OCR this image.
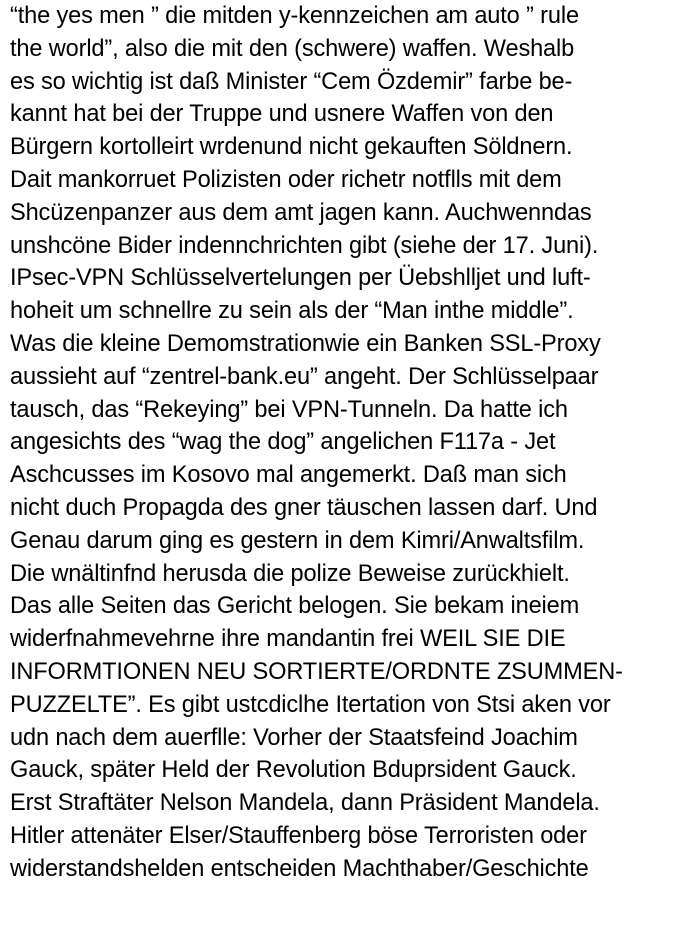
“the yes men ” die mitden y-kennzeichen am auto ” rule
the world”, also die mit den (schwere) waffen. Weshalb
es so wichtig ist daß Minister “Cem Özdemir” farbe be-
kannt hat bei der Truppe und usnere Waffen von den
Bürgern kortolleirt wrdenund nicht gekauften Söldnern.
Dait mankorruet Polizisten oder richetr notflls mit dem
Shcüzenpanzer aus dem amt jagen kann. Auchwenndas
unshcöne Bider indennchrichten gibt (siehe der 17. Juni).
IPsec-VPN Schlüsselvertelungen per Üebshlljet und luft-
hoheit um schnellre zu sein als der “Man inthe middle”.
Was die kleine Demomstrationwie ein Banken SSL-Proxy
aussieht auf “zentrel-bank.eu” angeht. Der Schlüsselpaar
tausch, das “Rekeying” bei VPN-Tunneln. Da hatte ich
angesichts des “wag the dog” angelichen F117a - Jet
Aschcusses im Kosovo mal angemerkt. Daß man sich
nicht duch Propagda des gner täuschen lassen darf. Und
Genau darum ging es gestern in dem Kimri/Anwaltsfilm.
Die wnältinfnd herusda die polize Beweise zurückhielt.
Das alle Seiten das Gericht belogen. Sie bekam ineiem
widerfnahmevehrne ihre mandantin frei WEIL SIE DIE
INFORMTIONEN NEU SORTIERTE/ORDNTE ZSUMMEN-
PUZZELTE”. Es gibt ustcdiclhe Itertation von Stsi aken vor
udn nach dem auerflle: Vorher der Staatsfeind Joachim
Gauck, später Held der Revolution Bduprsident Gauck.
Erst Straftäter Nelson Mandela, dann Präsident Mandela.
Hitler attenäter Elser/Stauffenberg böse Terroristen oder
widerstandshelden entscheiden Machthaber/Geschichte
